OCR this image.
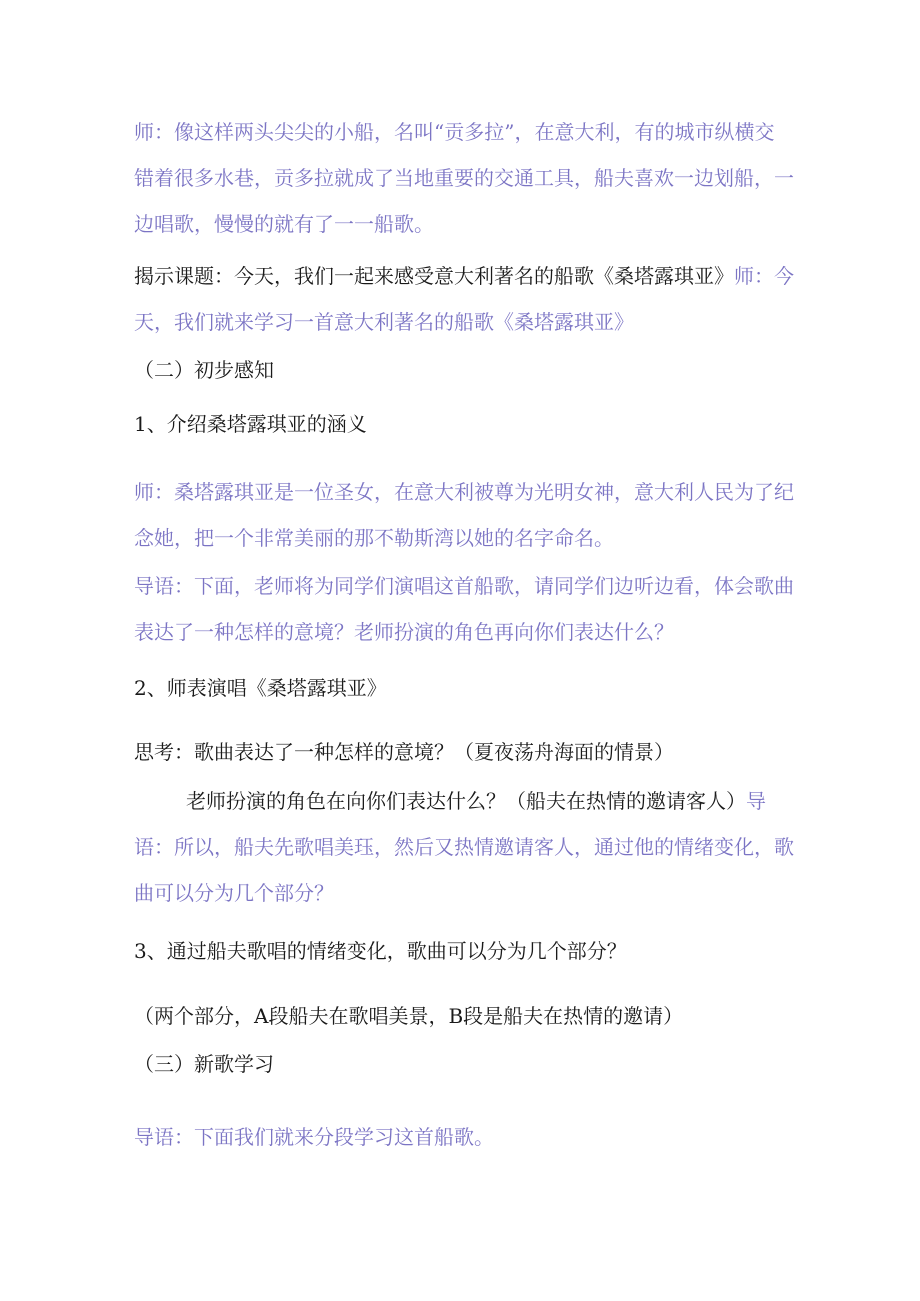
师：像这样两头尖尖的小船，名叫“贡多拉”，在意大利，有的城市纵横交错着很多水巷，贡多拉就成了当地重要的交通工具，船夫喜欢一边划船，一边唱歌，慢慢的就有了一一船歌。

揭示课题：今天，我们一起来感受意大利著名的船歌《桑塔露琪亚》师：今天，我们就来学习一首意大利著名的船歌《桑塔露琪亚》

（二）初步感知

1、介绍桑塔露琪亚的涵义

师：桑塔露琪亚是一位圣女，在意大利被尊为光明女神，意大利人民为了纪念她，把一个非常美丽的那不勒斯湾以她的名字命名。

导语：下面，老师将为同学们演唱这首船歌，请同学们边听边看，体会歌曲表达了一种怎样的意境？老师扮演的角色再向你们表达什么？

2、师表演唱《桑塔露琪亚》

思考：歌曲表达了一种怎样的意境？（夏夜荡舟海面的情景）

老师扮演的角色在向你们表达什么？（船夫在热情的邀请客人）导语：所以，船夫先歌唱美珏，然后又热情邀请客人，通过他的情绪变化，歌曲可以分为几个部分？

3、通过船夫歌唱的情绪变化，歌曲可以分为几个部分？

（两个部分，A段船夫在歌唱美景，B段是船夫在热情的邀请）

（三）新歌学习

导语：下面我们就来分段学习这首船歌。
